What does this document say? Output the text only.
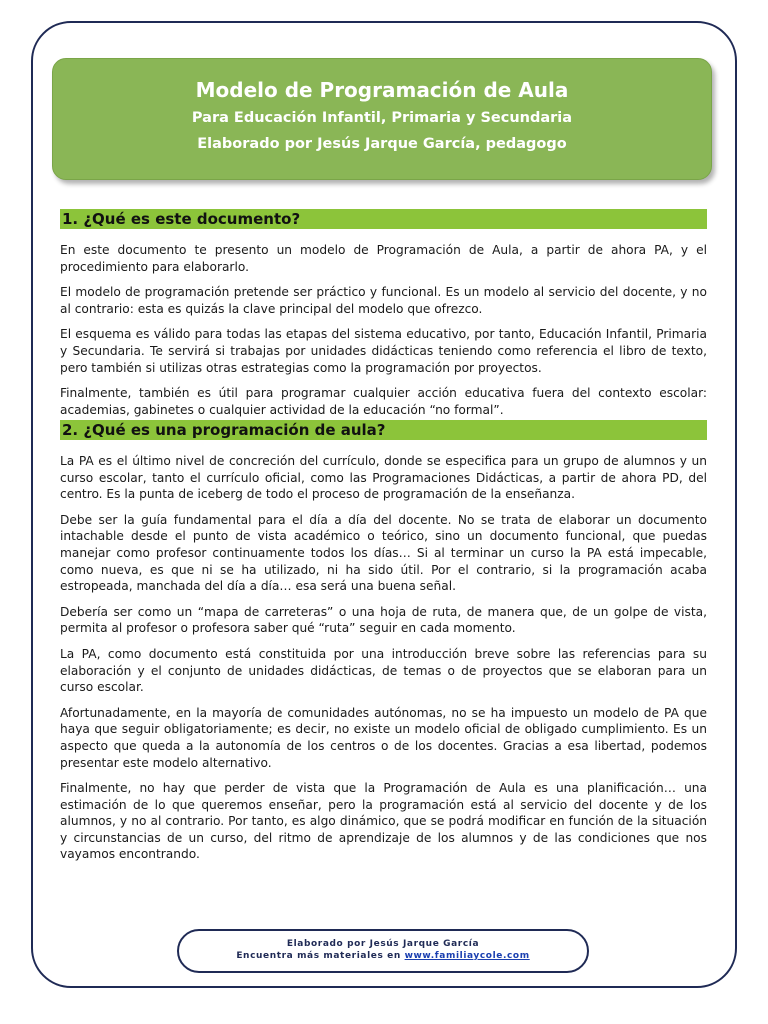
Modelo de Programación de Aula
Para Educación Infantil, Primaria y Secundaria
Elaborado por Jesús Jarque García, pedagogo
1. ¿Qué es este documento?

En este documento te presento un modelo de Programación de Aula, a partir de ahora PA, y el procedimiento para elaborarlo.

El modelo de programación pretende ser práctico y funcional. Es un modelo al servicio del docente, y no al contrario: esta es quizás la clave principal del modelo que ofrezco.

El esquema es válido para todas las etapas del sistema educativo, por tanto, Educación Infantil, Primaria y Secundaria. Te servirá si trabajas por unidades didácticas teniendo como referencia el libro de texto, pero también si utilizas otras estrategias como la programación por proyectos.

Finalmente, también es útil para programar cualquier acción educativa fuera del contexto escolar: academias, gabinetes o cualquier actividad de la educación “no formal”.

2. ¿Qué es una programación de aula?

La PA es el último nivel de concreción del currículo, donde se especifica para un grupo de alumnos y un curso escolar, tanto el currículo oficial, como las Programaciones Didácticas, a partir de ahora PD, del centro. Es la punta de iceberg de todo el proceso de programación de la enseñanza.

Debe ser la guía fundamental para el día a día del docente. No se trata de elaborar un documento intachable desde el punto de vista académico o teórico, sino un documento funcional, que puedas manejar como profesor continuamente todos los días… Si al terminar un curso la PA está impecable, como nueva, es que ni se ha utilizado, ni ha sido útil. Por el contrario, si la programación acaba estropeada, manchada del día a día… esa será una buena señal.

Debería ser como un “mapa de carreteras” o una hoja de ruta, de manera que, de un golpe de vista, permita al profesor o profesora saber qué “ruta” seguir en cada momento.

La PA, como documento está constituida por una introducción breve sobre las referencias para su elaboración y el conjunto de unidades didácticas, de temas o de proyectos que se elaboran para un curso escolar.

Afortunadamente, en la mayoría de comunidades autónomas, no se ha impuesto un modelo de PA que haya que seguir obligatoriamente; es decir, no existe un modelo oficial de obligado cumplimiento. Es un aspecto que queda a la autonomía de los centros o de los docentes. Gracias a esa libertad, podemos presentar este modelo alternativo.

Finalmente, no hay que perder de vista que la Programación de Aula es una planificación… una estimación de lo que queremos enseñar, pero la programación está al servicio del docente y de los alumnos, y no al contrario. Por tanto, es algo dinámico, que se podrá modificar en función de la situación y circunstancias de un curso, del ritmo de aprendizaje de los alumnos y de las condiciones que nos vayamos encontrando.

Elaborado por Jesús Jarque García
Encuentra más materiales en www.familiaycole.com
